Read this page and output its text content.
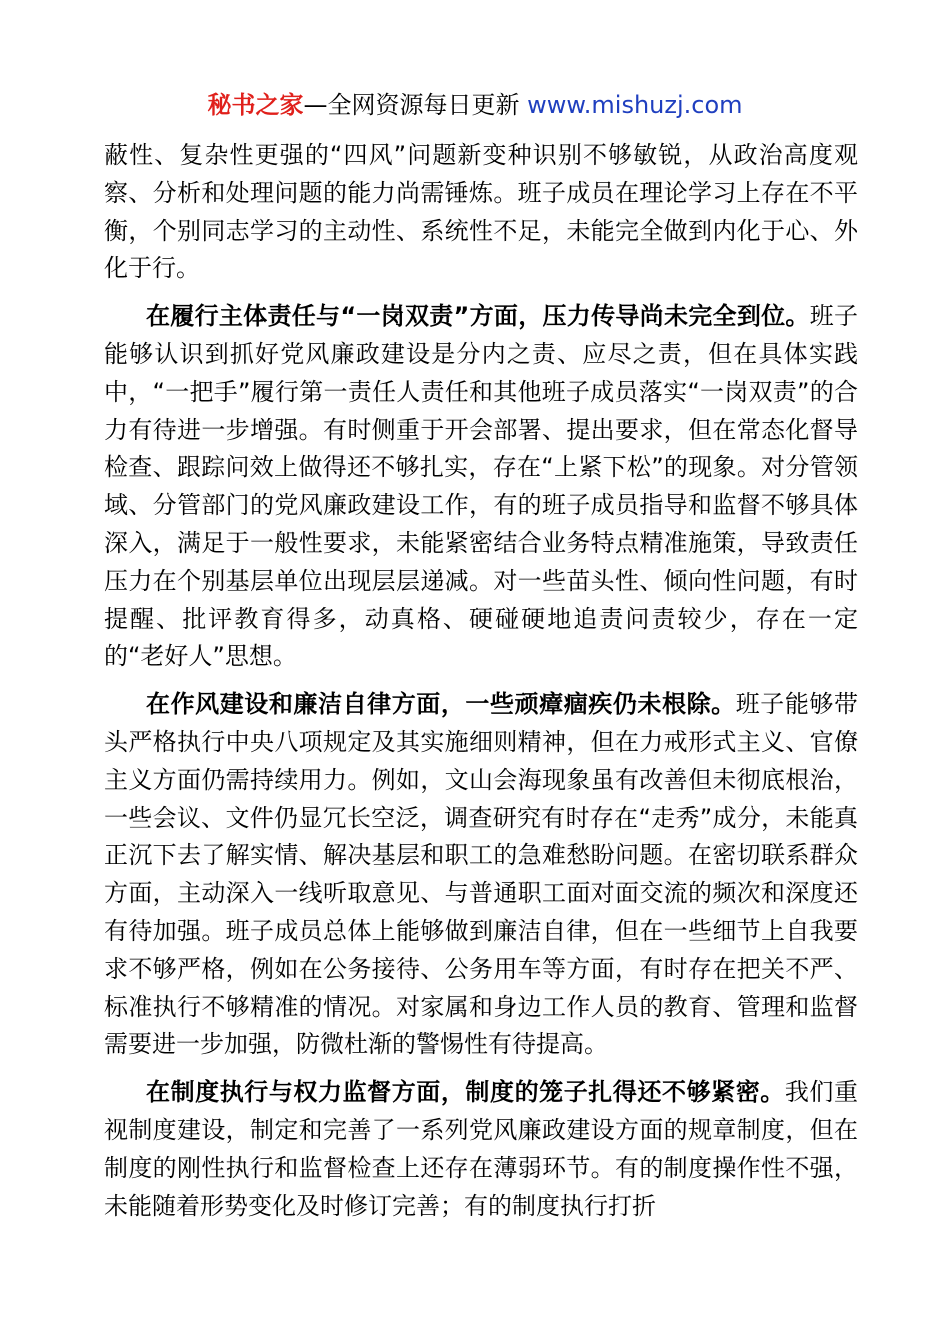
秘书之家—全网资源每日更新 www.mishuzj.com

蔽性、复杂性更强的“四风”问题新变种识别不够敏锐，从政治高度观察、分析和处理问题的能力尚需锤炼。班子成员在理论学习上存在不平衡，个别同志学习的主动性、系统性不足，未能完全做到内化于心、外化于行。

在履行主体责任与“一岗双责”方面，压力传导尚未完全到位。班子能够认识到抓好党风廉政建设是分内之责、应尽之责，但在具体实践中，“一把手”履行第一责任人责任和其他班子成员落实“一岗双责”的合力有待进一步增强。有时侧重于开会部署、提出要求，但在常态化督导检查、跟踪问效上做得还不够扎实，存在“上紧下松”的现象。对分管领域、分管部门的党风廉政建设工作，有的班子成员指导和监督不够具体深入，满足于一般性要求，未能紧密结合业务特点精准施策，导致责任压力在个别基层单位出现层层递减。对一些苗头性、倾向性问题，有时提醒、批评教育得多，动真格、硬碰硬地追责问责较少，存在一定的“老好人”思想。

在作风建设和廉洁自律方面，一些顽瘴痼疾仍未根除。班子能够带头严格执行中央八项规定及其实施细则精神，但在力戒形式主义、官僚主义方面仍需持续用力。例如，文山会海现象虽有改善但未彻底根治，一些会议、文件仍显冗长空泛，调查研究有时存在“走秀”成分，未能真正沉下去了解实情、解决基层和职工的急难愁盼问题。在密切联系群众方面，主动深入一线听取意见、与普通职工面对面交流的频次和深度还有待加强。班子成员总体上能够做到廉洁自律，但在一些细节上自我要求不够严格，例如在公务接待、公务用车等方面，有时存在把关不严、标准执行不够精准的情况。对家属和身边工作人员的教育、管理和监督需要进一步加强，防微杜渐的警惕性有待提高。

在制度执行与权力监督方面，制度的笼子扎得还不够紧密。我们重视制度建设，制定和完善了一系列党风廉政建设方面的规章制度，但在制度的刚性执行和监督检查上还存在薄弱环节。有的制度操作性不强，未能随着形势变化及时修订完善；有的制度执行打折
